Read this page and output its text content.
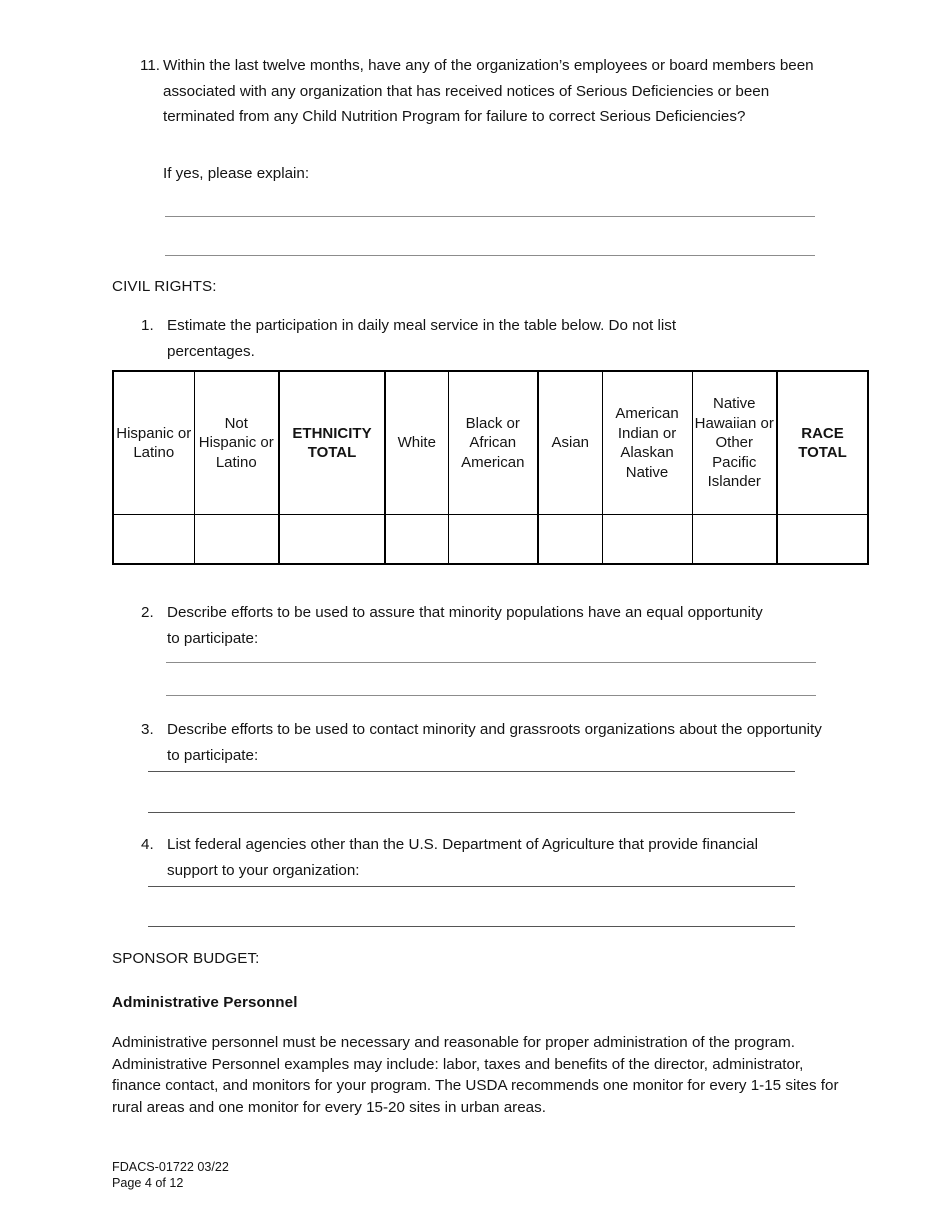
11. Within the last twelve months, have any of the organization’s employees or board members been associated with any organization that has received notices of Serious Deficiencies or been terminated from any Child Nutrition Program for failure to correct Serious Deficiencies?
If yes, please explain:
CIVIL RIGHTS:
1. Estimate the participation in daily meal service in the table below. Do not list percentages.
Hispanic or Latino	Not Hispanic or Latino	ETHNICITY TOTAL	White	Black or African American	Asian	American Indian or Alaskan Native	Native Hawaiian or Other Pacific Islander	RACE TOTAL

2. Describe efforts to be used to assure that minority populations have an equal opportunity to participate:
3. Describe efforts to be used to contact minority and grassroots organizations about the opportunity to participate:
4. List federal agencies other than the U.S. Department of Agriculture that provide financial support to your organization:
SPONSOR BUDGET:
Administrative Personnel
Administrative personnel must be necessary and reasonable for proper administration of the program. Administrative Personnel examples may include: labor, taxes and benefits of the director, administrator, finance contact, and monitors for your program. The USDA recommends one monitor for every 1-15 sites for rural areas and one monitor for every 15-20 sites in urban areas.
FDACS-01722 03/22
Page 4 of 12
